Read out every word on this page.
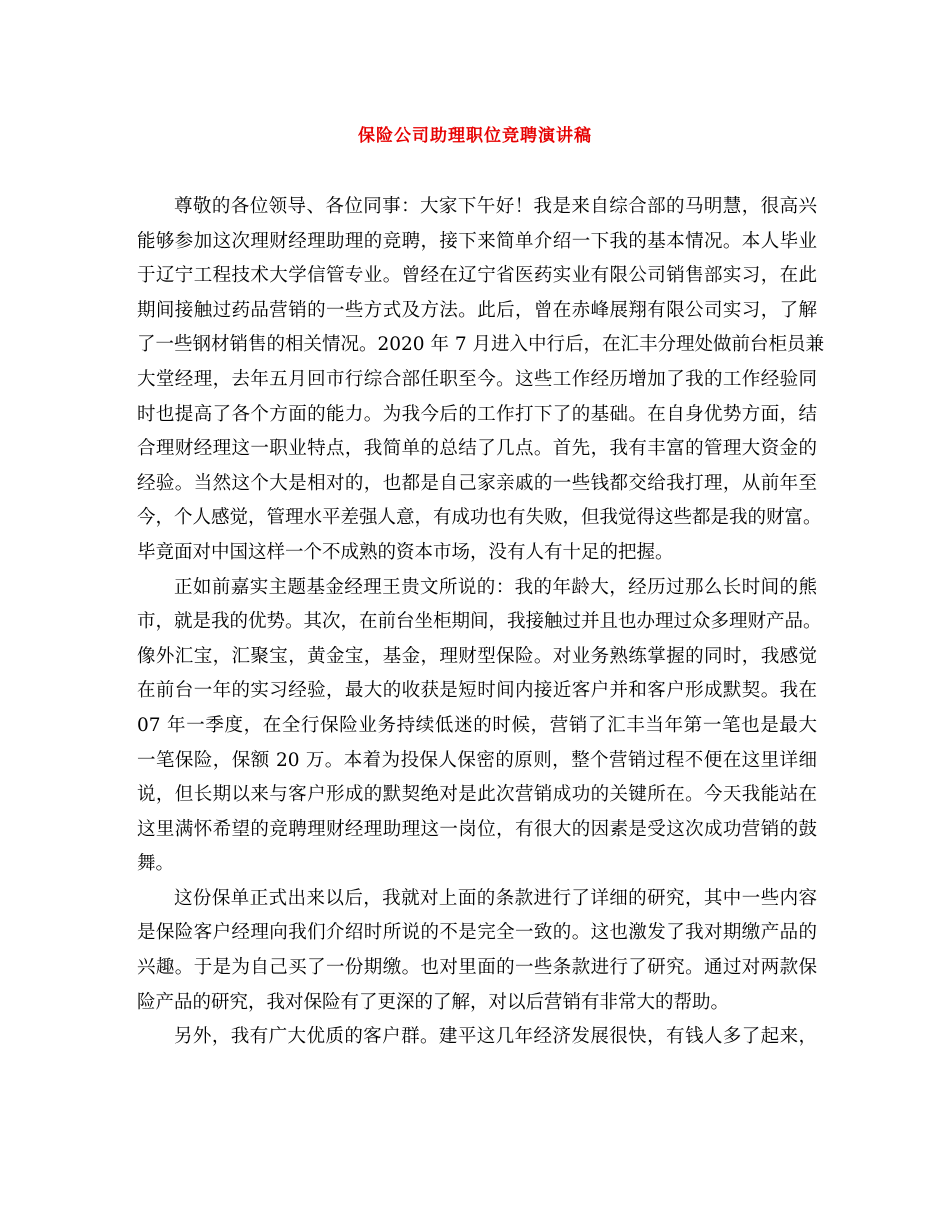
保险公司助理职位竞聘演讲稿
尊敬的各位领导、各位同事：大家下午好！我是来自综合部的马明慧，很高兴
能够参加这次理财经理助理的竞聘，接下来简单介绍一下我的基本情况。本人毕业
于辽宁工程技术大学信管专业。曾经在辽宁省医药实业有限公司销售部实习，在此
期间接触过药品营销的一些方式及方法。此后，曾在赤峰展翔有限公司实习，了解
了一些钢材销售的相关情况。2020 年 7 月进入中行后，在汇丰分理处做前台柜员兼
大堂经理，去年五月回市行综合部任职至今。这些工作经历增加了我的工作经验同
时也提高了各个方面的能力。为我今后的工作打下了的基础。在自身优势方面，结
合理财经理这一职业特点，我简单的总结了几点。首先，我有丰富的管理大资金的
经验。当然这个大是相对的，也都是自己家亲戚的一些钱都交给我打理，从前年至
今，个人感觉，管理水平差强人意，有成功也有失败，但我觉得这些都是我的财富。
毕竟面对中国这样一个不成熟的资本市场，没有人有十足的把握。
正如前嘉实主题基金经理王贵文所说的：我的年龄大，经历过那么长时间的熊
市，就是我的优势。其次，在前台坐柜期间，我接触过并且也办理过众多理财产品。
像外汇宝，汇聚宝，黄金宝，基金，理财型保险。对业务熟练掌握的同时，我感觉
在前台一年的实习经验，最大的收获是短时间内接近客户并和客户形成默契。我在
07 年一季度，在全行保险业务持续低迷的时候，营销了汇丰当年第一笔也是最大
一笔保险，保额 20 万。本着为投保人保密的原则，整个营销过程不便在这里详细
说，但长期以来与客户形成的默契绝对是此次营销成功的关键所在。今天我能站在
这里满怀希望的竞聘理财经理助理这一岗位，有很大的因素是受这次成功营销的鼓
舞。
这份保单正式出来以后，我就对上面的条款进行了详细的研究，其中一些内容
是保险客户经理向我们介绍时所说的不是完全一致的。这也激发了我对期缴产品的
兴趣。于是为自己买了一份期缴。也对里面的一些条款进行了研究。通过对两款保
险产品的研究，我对保险有了更深的了解，对以后营销有非常大的帮助。
另外，我有广大优质的客户群。建平这几年经济发展很快，有钱人多了起来，
